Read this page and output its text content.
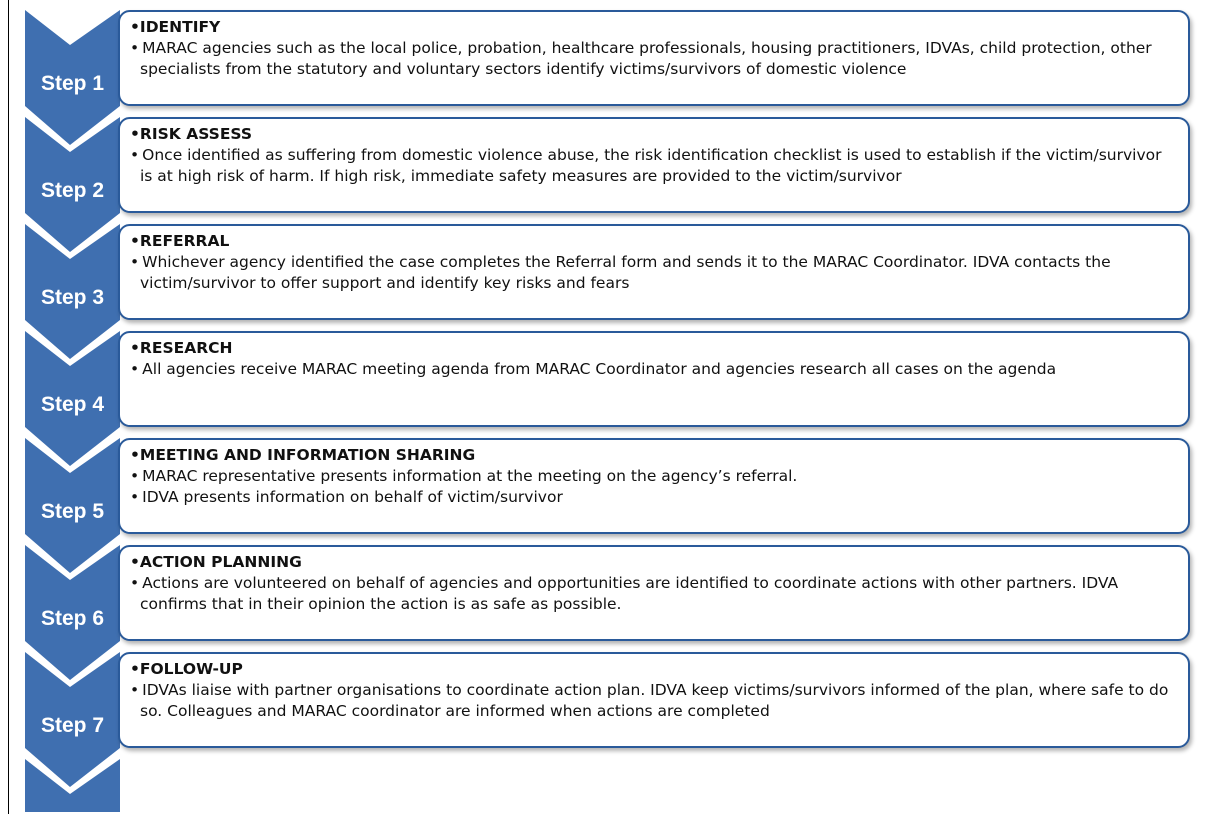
Step 1
Step 2
Step 3
Step 4
Step 5
Step 6
Step 7
• IDENTIFY
• MARAC agencies such as the local police, probation, healthcare professionals, housing practitioners, IDVAs, child protection, other specialists from the statutory and voluntary sectors identify victims/survivors of domestic violence
• RISK ASSESS
• Once identified as suffering from domestic violence abuse, the risk identification checklist is used to establish if the victim/survivor is at high risk of harm. If high risk, immediate safety measures are provided to the victim/survivor
• REFERRAL
• Whichever agency identified the case completes the Referral form and sends it to the MARAC Coordinator. IDVA contacts the victim/survivor to offer support and identify key risks and fears
• RESEARCH
• All agencies receive MARAC meeting agenda from MARAC Coordinator and agencies research all cases on the agenda
• MEETING AND INFORMATION SHARING
• MARAC representative presents information at the meeting on the agency’s referral.
• IDVA presents information on behalf of victim/survivor
• ACTION PLANNING
• Actions are volunteered on behalf of agencies and opportunities are identified to coordinate actions with other partners. IDVA confirms that in their opinion the action is as safe as possible.
• FOLLOW-UP
• IDVAs liaise with partner organisations to coordinate action plan. IDVA keep victims/survivors informed of the plan, where safe to do so. Colleagues and MARAC coordinator are informed when actions are completed
